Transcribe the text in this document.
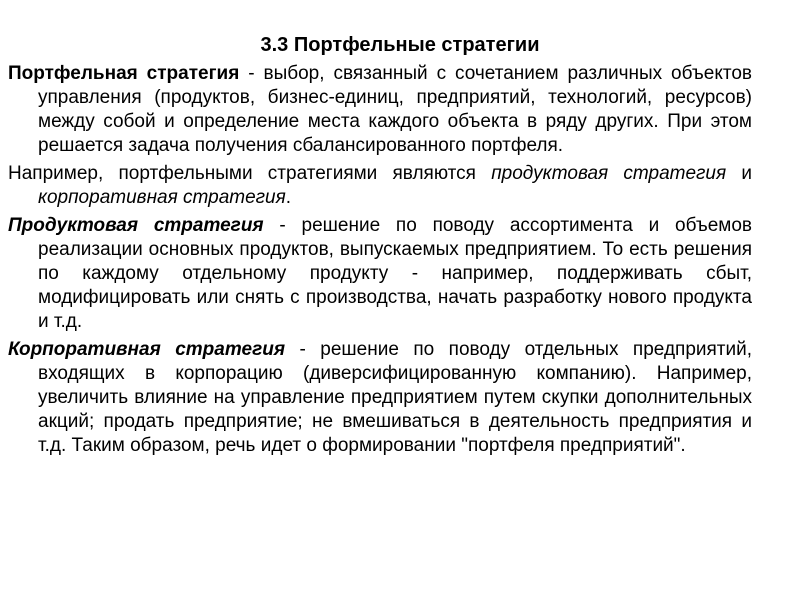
3.3 Портфельные стратегии

Портфельная стратегия - выбор, связанный с сочетанием различных объектов управления (продуктов, бизнес-единиц, предприятий, технологий, ресурсов) между собой и определение места каждого объекта в ряду других. При этом решается задача получения сбалансированного портфеля.

Например, портфельными стратегиями являются продуктовая стратегия и корпоративная стратегия.

Продуктовая стратегия - решение по поводу ассортимента и объемов реализации основных продуктов, выпускаемых предприятием. То есть решения по каждому отдельному продукту - например, поддерживать сбыт, модифицировать или снять с производства, начать разработку нового продукта и т.д.

Корпоративная стратегия - решение по поводу отдельных предприятий, входящих в корпорацию (диверсифицированную компанию). Например, увеличить влияние на управление предприятием путем скупки дополнительных акций; продать предприятие; не вмешиваться в деятельность предприятия и т.д. Таким образом, речь идет о формировании "портфеля предприятий".
